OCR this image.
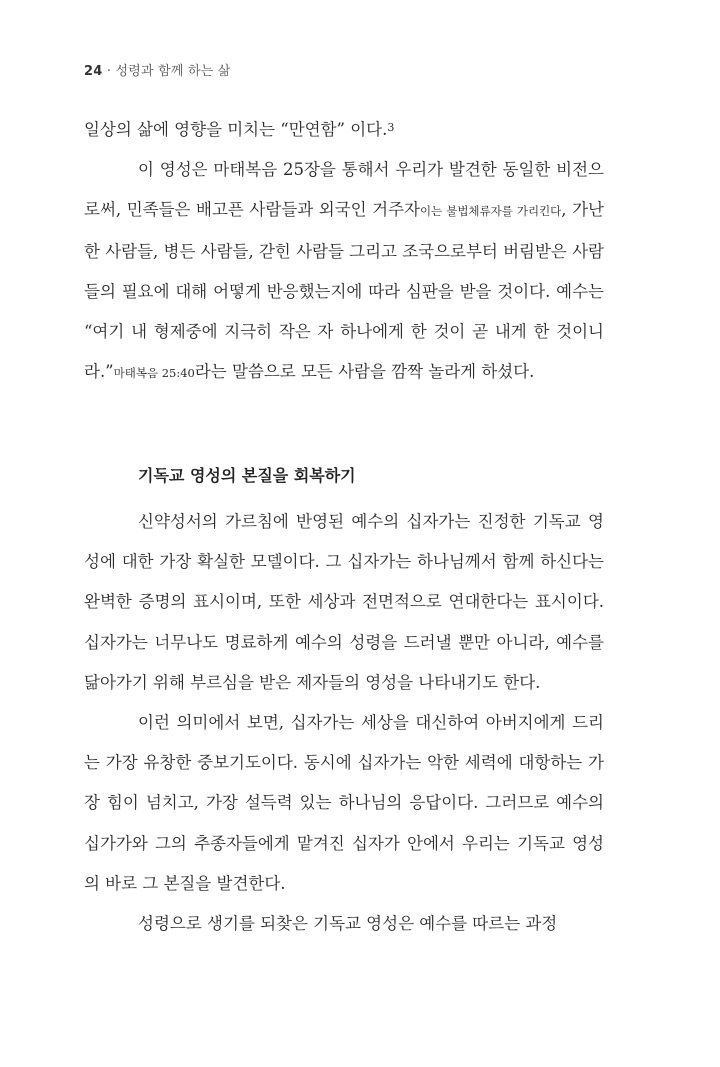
24 · 성령과 함께 하는 삶

일상의 삶에 영향을 미치는 “만연함” 이다.$^3$

이 영성은 마태복음 25장을 통해서 우리가 발견한 동일한 비전으로써, 민족들은 배고픈 사람들과 외국인 거주자이는 불법체류자를 가리킨다, 가난한 사람들, 병든 사람들, 갇힌 사람들 그리고 조국으로부터 버림받은 사람들의 필요에 대해 어떻게 반응했는지에 따라 심판을 받을 것이다. 예수는 “여기 내 형제중에 지극히 작은 자 하나에게 한 것이 곧 내게 한 것이니라.”마태복음 25:40라는 말씀으로 모든 사람을 깜짝 놀라게 하셨다.

기독교 영성의 본질을 회복하기

신약성서의 가르침에 반영된 예수의 십자가는 진정한 기독교 영성에 대한 가장 확실한 모델이다. 그 십자가는 하나님께서 함께 하신다는 완벽한 증명의 표시이며, 또한 세상과 전면적으로 연대한다는 표시이다. 십자가는 너무나도 명료하게 예수의 성령을 드러낼 뿐만 아니라, 예수를 닮아가기 위해 부르심을 받은 제자들의 영성을 나타내기도 한다.

이런 의미에서 보면, 십자가는 세상을 대신하여 아버지에게 드리는 가장 유창한 중보기도이다. 동시에 십자가는 악한 세력에 대항하는 가장 힘이 넘치고, 가장 설득력 있는 하나님의 응답이다. 그러므로 예수의 십가가와 그의 추종자들에게 맡겨진 십자가 안에서 우리는 기독교 영성의 바로 그 본질을 발견한다.

성령으로 생기를 되찾은 기독교 영성은 예수를 따르는 과정
